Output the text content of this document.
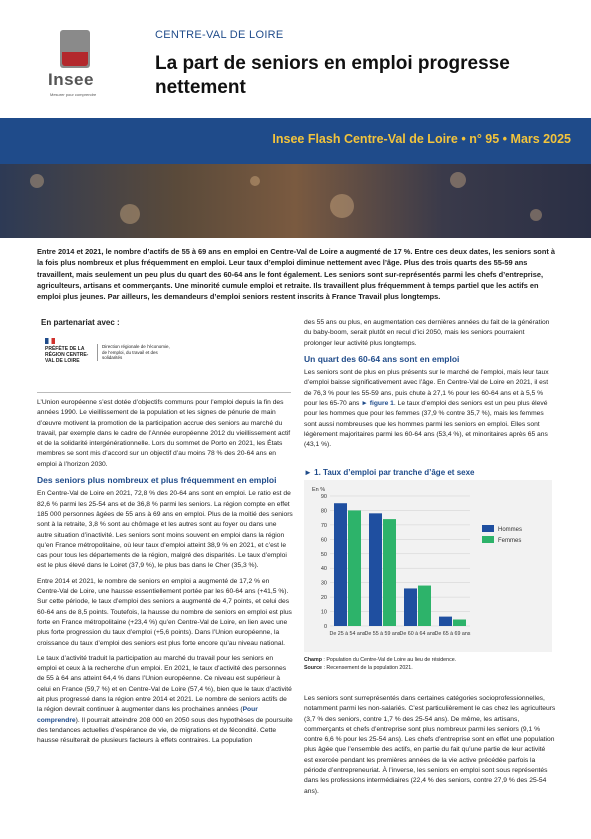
Insee
Mesurer pour comprendre
CENTRE-VAL DE LOIRE
La part de seniors en emploi progresse nettement
Insee Flash Centre-Val de Loire • n° 95 • Mars 2025
Entre 2014 et 2021, le nombre d’actifs de 55 à 69 ans en emploi en Centre-Val de Loire a augmenté de 17 %. Entre ces deux dates, les seniors sont à la fois plus nombreux et plus fréquemment en emploi. Leur taux d’emploi diminue nettement avec l’âge. Plus des trois quarts des 55-59 ans travaillent, mais seulement un peu plus du quart des 60-64 ans le font également. Les seniors sont sur-représentés parmi les chefs d’entreprise, agriculteurs, artisans et commerçants. Une minorité cumule emploi et retraite. Ils travaillent plus fréquemment à temps partiel que les actifs en emploi plus jeunes. Par ailleurs, les demandeurs d’emploi seniors restent inscrits à France Travail plus longtemps.
En partenariat avec :
PRÉFÈTE DE LA RÉGION CENTRE-VAL DE LOIRE
Direction régionale de l’économie, de l’emploi, du travail et des solidarités

L’Union européenne s’est dotée d’objectifs communs pour l’emploi depuis la fin des années 1990. Le vieillissement de la population et les signes de pénurie de main d’œuvre motivent la promotion de la participation accrue des seniors au marché du travail, par exemple dans le cadre de l’Année européenne 2012 du vieillissement actif et de la solidarité intergénérationnelle. Lors du sommet de Porto en 2021, les États membres se sont mis d’accord sur un objectif d’au moins 78 % des 20-64 ans en emploi à l’horizon 2030.

Des seniors plus nombreux et plus fréquemment en emploi

En Centre-Val de Loire en 2021, 72,8 % des 20-64 ans sont en emploi. Le ratio est de 82,6 % parmi les 25-54 ans et de 36,8 % parmi les seniors. La région compte en effet 185 000 personnes âgées de 55 ans à 69 ans en emploi. Plus de la moitié des seniors sont à la retraite, 3,8 % sont au chômage et les autres sont au foyer ou dans une autre situation d’inactivité. Les seniors sont moins souvent en emploi dans la région qu’en France métropolitaine, où leur taux d’emploi atteint 38,9 % en 2021, et c’est le cas pour tous les départements de la région, malgré des disparités. Le taux d’emploi est le plus élevé dans le Loiret (37,9 %), le plus bas dans le Cher (35,3 %).

Entre 2014 et 2021, le nombre de seniors en emploi a augmenté de 17,2 % en Centre-Val de Loire, une hausse essentiellement portée par les 60-64 ans (+41,5 %). Sur cette période, le taux d’emploi des seniors a augmenté de 4,7 points, et celui des 60-64 ans de 8,5 points. Toutefois, la hausse du nombre de seniors en emploi est plus forte en France métropolitaine (+23,4 %) qu’en Centre-Val de Loire, en lien avec une plus forte progression du taux d’emploi (+5,6 points). Dans l’Union européenne, la croissance du taux d’emploi des seniors est plus forte encore qu’au niveau national.

Le taux d’activité traduit la participation au marché du travail pour les seniors en emploi et ceux à la recherche d’un emploi. En 2021, le taux d’activité des personnes de 55 à 64 ans atteint 64,4 % dans l’Union européenne. Ce niveau est supérieur à celui en France (59,7 %) et en Centre-Val de Loire (57,4 %), bien que le taux d’activité ait plus progressé dans la région entre 2014 et 2021. Le nombre de seniors actifs de la région devrait continuer à augmenter dans les prochaines années (Pour comprendre). Il pourrait atteindre 208 000 en 2050 sous des hypothèses de poursuite des tendances actuelles d’espérance de vie, de migrations et de fécondité. Cette hausse résulterait de plusieurs facteurs à effets contraires. La population

des 55 ans ou plus, en augmentation ces dernières années du fait de la génération du baby-boom, serait plutôt en recul d’ici 2050, mais les seniors pourraient prolonger leur activité plus longtemps.

Un quart des 60-64 ans sont en emploi

Les seniors sont de plus en plus présents sur le marché de l’emploi, mais leur taux d’emploi baisse significativement avec l’âge. En Centre-Val de Loire en 2021, il est de 76,3 % pour les 55-59 ans, puis chute à 27,1 % pour les 60-64 ans et à 5,5 % pour les 65-70 ans ► figure 1. Le taux d’emploi des seniors est un peu plus élevé pour les hommes que pour les femmes (37,9 % contre 35,7 %), mais les femmes sont aussi nombreuses que les hommes parmi les seniors en emploi. Elles sont légèrement majoritaires parmi les 60-64 ans (53,4 %), et minoritaires après 65 ans (43,1 %).

► 1. Taux d’emploi par tranche d’âge et sexe
En %
0
10
20
30
40
50
60
70
80
90
De 25 à 54 ans De 55 à 59 ans De 60 à 64 ans De 65 à 69 ans
Hommes
Femmes
Champ : Population du Centre-Val de Loire au lieu de résidence.
Source : Recensement de la population 2021.

Les seniors sont surreprésentés dans certaines catégories socioprofessionnelles, notamment parmi les non-salariés. C’est particulièrement le cas chez les agriculteurs (3,7 % des seniors, contre 1,7 % des 25-54 ans). De même, les artisans, commerçants et chefs d’entreprise sont plus nombreux parmi les seniors (9,1 % contre 6,6 % pour les 25-54 ans). Les chefs d’entreprise sont en effet une population plus âgée que l’ensemble des actifs, en partie du fait qu’une partie de leur activité est exercée pendant les premières années de la vie active précédée parfois la période d’entrepreneuriat. À l’inverse, les seniors en emploi sont sous représentés dans les professions intermédiaires (22,4 % des seniors, contre 27,9 % des 25-54 ans).
